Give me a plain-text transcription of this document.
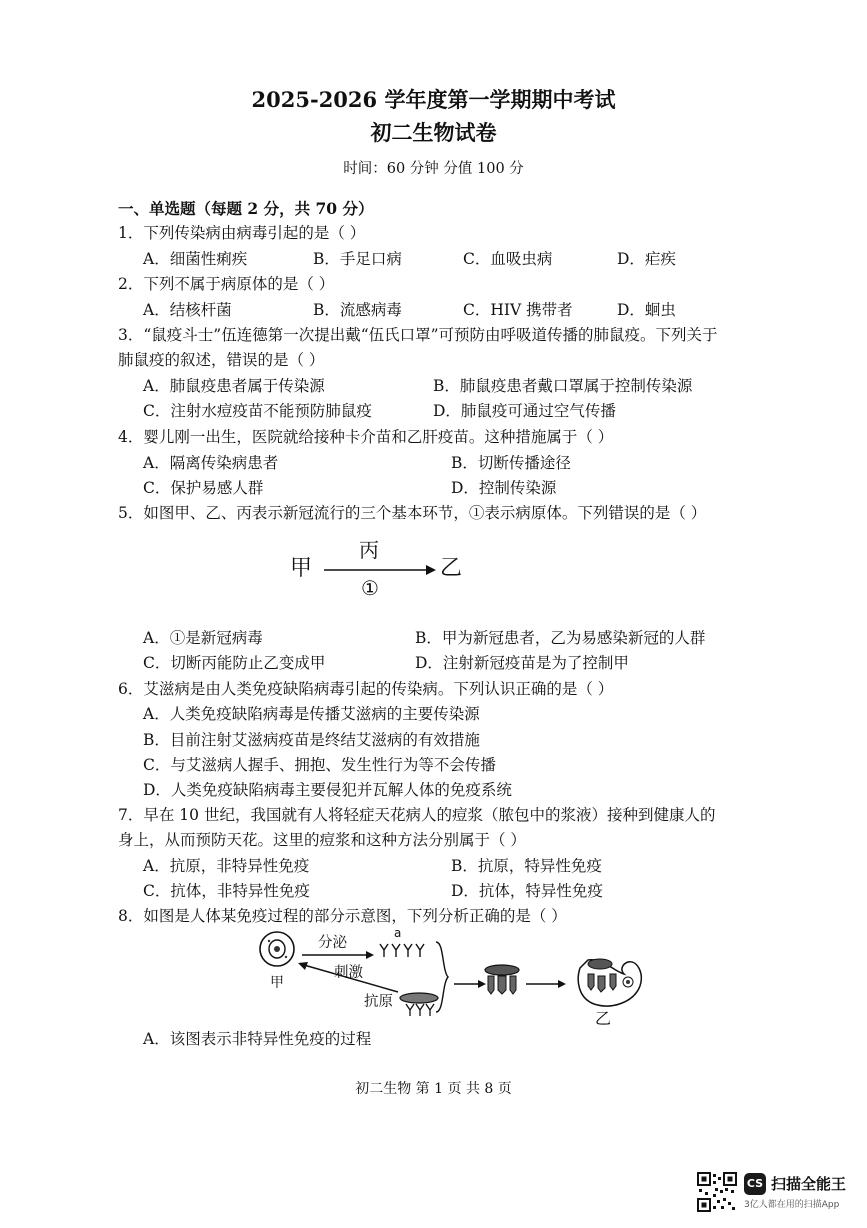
2025-2026 学年度第一学期期中考试
初二生物试卷
时间：60 分钟 分值 100 分
一、单选题（每题 2 分，共 70 分）
1．下列传染病由病毒引起的是（ ）
A．细菌性痢疾	B．手足口病	C．血吸虫病	D．疟疾
2．下列不属于病原体的是（ ）
A．结核杆菌	B．流感病毒	C．HIV 携带者	D．蛔虫
3．“鼠疫斗士”伍连德第一次提出戴“伍氏口罩”可预防由呼吸道传播的肺鼠疫。下列关于
肺鼠疫的叙述，错误的是（ ）
A．肺鼠疫患者属于传染源	B．肺鼠疫患者戴口罩属于控制传染源
C．注射水痘疫苗不能预防肺鼠疫	D．肺鼠疫可通过空气传播
4．婴儿刚一出生，医院就给接种卡介苗和乙肝疫苗。这种措施属于（ ）
A．隔离传染病患者	B．切断传播途径
C．保护易感人群	D．控制传染源
5．如图甲、乙、丙表示新冠流行的三个基本环节，①表示病原体。下列错误的是（ ）
甲
丙
①
乙
A．①是新冠病毒	B．甲为新冠患者，乙为易感染新冠的人群
C．切断丙能防止乙变成甲	D．注射新冠疫苗是为了控制甲
6．艾滋病是由人类免疫缺陷病毒引起的传染病。下列认识正确的是（ ）
A．人类免疫缺陷病毒是传播艾滋病的主要传染源
B．目前注射艾滋病疫苗是终结艾滋病的有效措施
C．与艾滋病人握手、拥抱、发生性行为等不会传播
D．人类免疫缺陷病毒主要侵犯并瓦解人体的免疫系统
7．早在 10 世纪，我国就有人将轻症天花病人的痘浆（脓包中的浆液）接种到健康人的
身上，从而预防天花。这里的痘浆和这种方法分别属于（ ）
A．抗原，非特异性免疫	B．抗原，特异性免疫
C．抗体，非特异性免疫	D．抗体，特异性免疫
8．如图是人体某免疫过程的部分示意图，下列分析正确的是（ ）
甲
分泌
a
刺激
抗原
乙
A．该图表示非特异性免疫的过程
初二生物 第 1 页 共 8 页
CS 扫描全能王
3亿人都在用的扫描App
